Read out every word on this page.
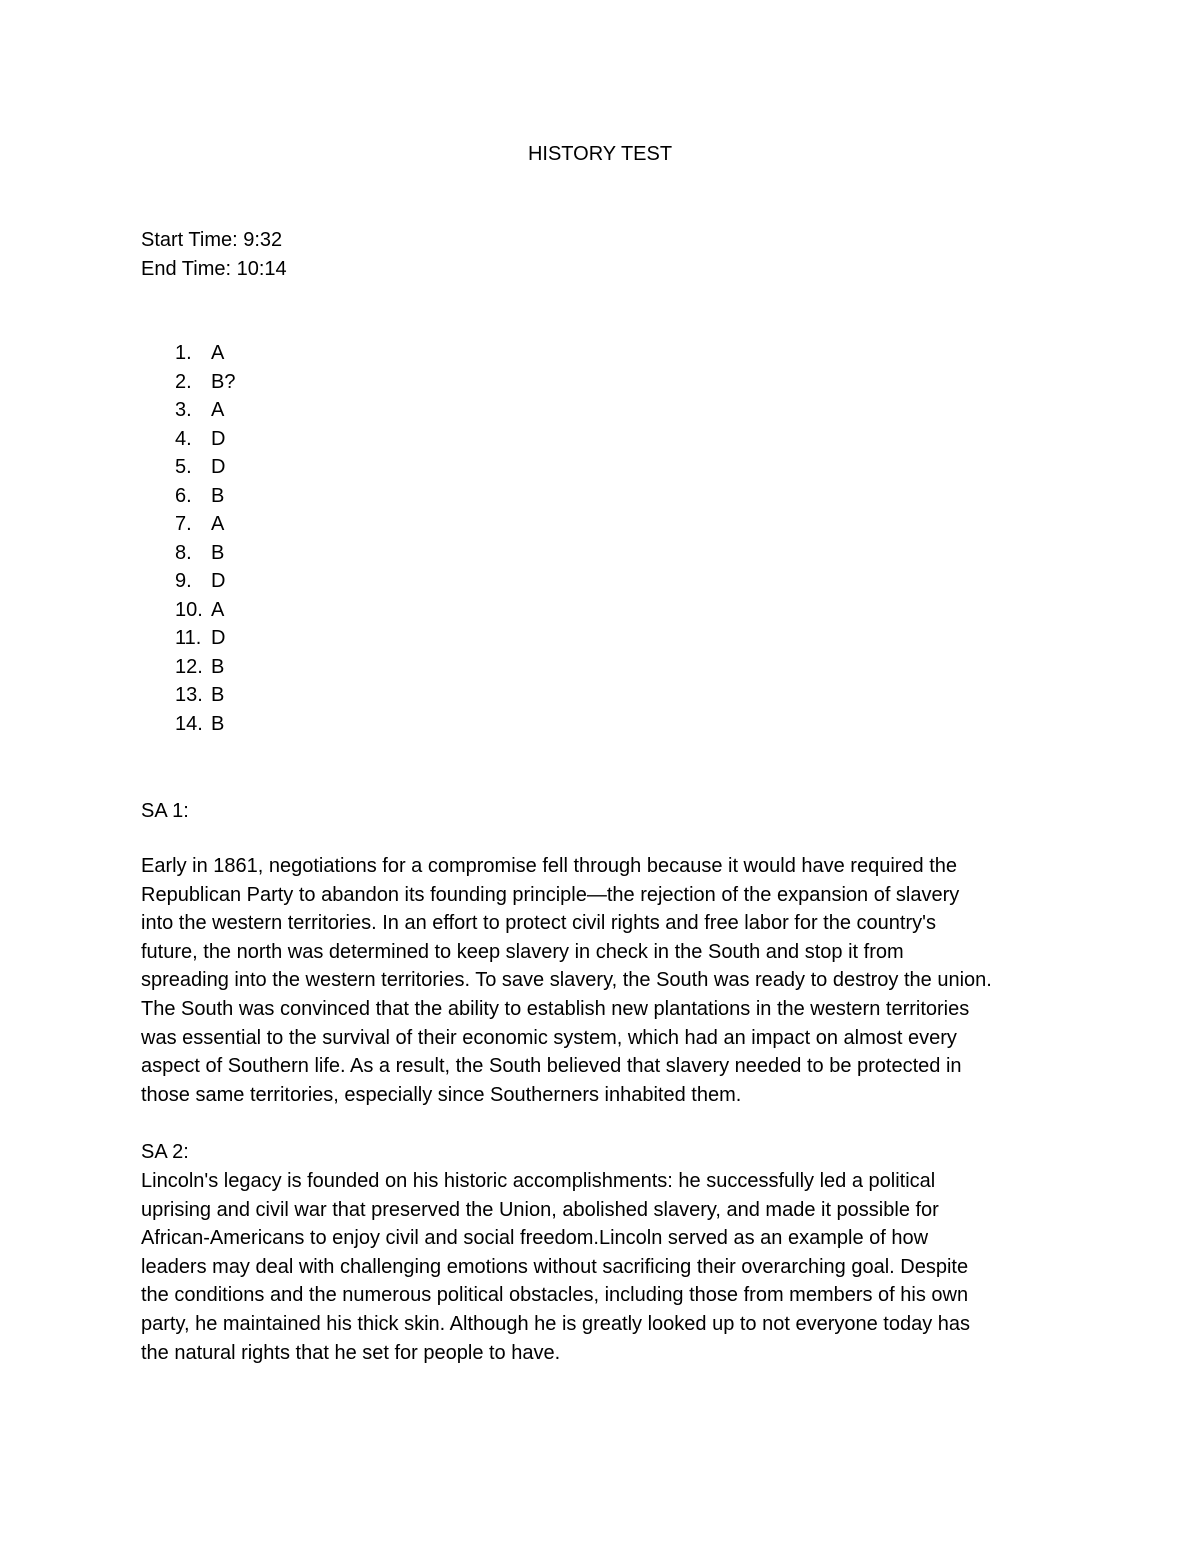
HISTORY TEST
Start Time: 9:32
End Time: 10:14
1. A
2. B?
3. A
4. D
5. D
6. B
7. A
8. B
9. D
10. A
11. D
12. B
13. B
14. B
SA 1:
Early in 1861, negotiations for a compromise fell through because it would have required the
Republican Party to abandon its founding principle—the rejection of the expansion of slavery
into the western territories. In an effort to protect civil rights and free labor for the country's
future, the north was determined to keep slavery in check in the South and stop it from
spreading into the western territories. To save slavery, the South was ready to destroy the union.
The South was convinced that the ability to establish new plantations in the western territories
was essential to the survival of their economic system, which had an impact on almost every
aspect of Southern life. As a result, the South believed that slavery needed to be protected in
those same territories, especially since Southerners inhabited them.
SA 2:
Lincoln's legacy is founded on his historic accomplishments: he successfully led a political
uprising and civil war that preserved the Union, abolished slavery, and made it possible for
African-Americans to enjoy civil and social freedom.Lincoln served as an example of how
leaders may deal with challenging emotions without sacrificing their overarching goal. Despite
the conditions and the numerous political obstacles, including those from members of his own
party, he maintained his thick skin. Although he is greatly looked up to not everyone today has
the natural rights that he set for people to have.
